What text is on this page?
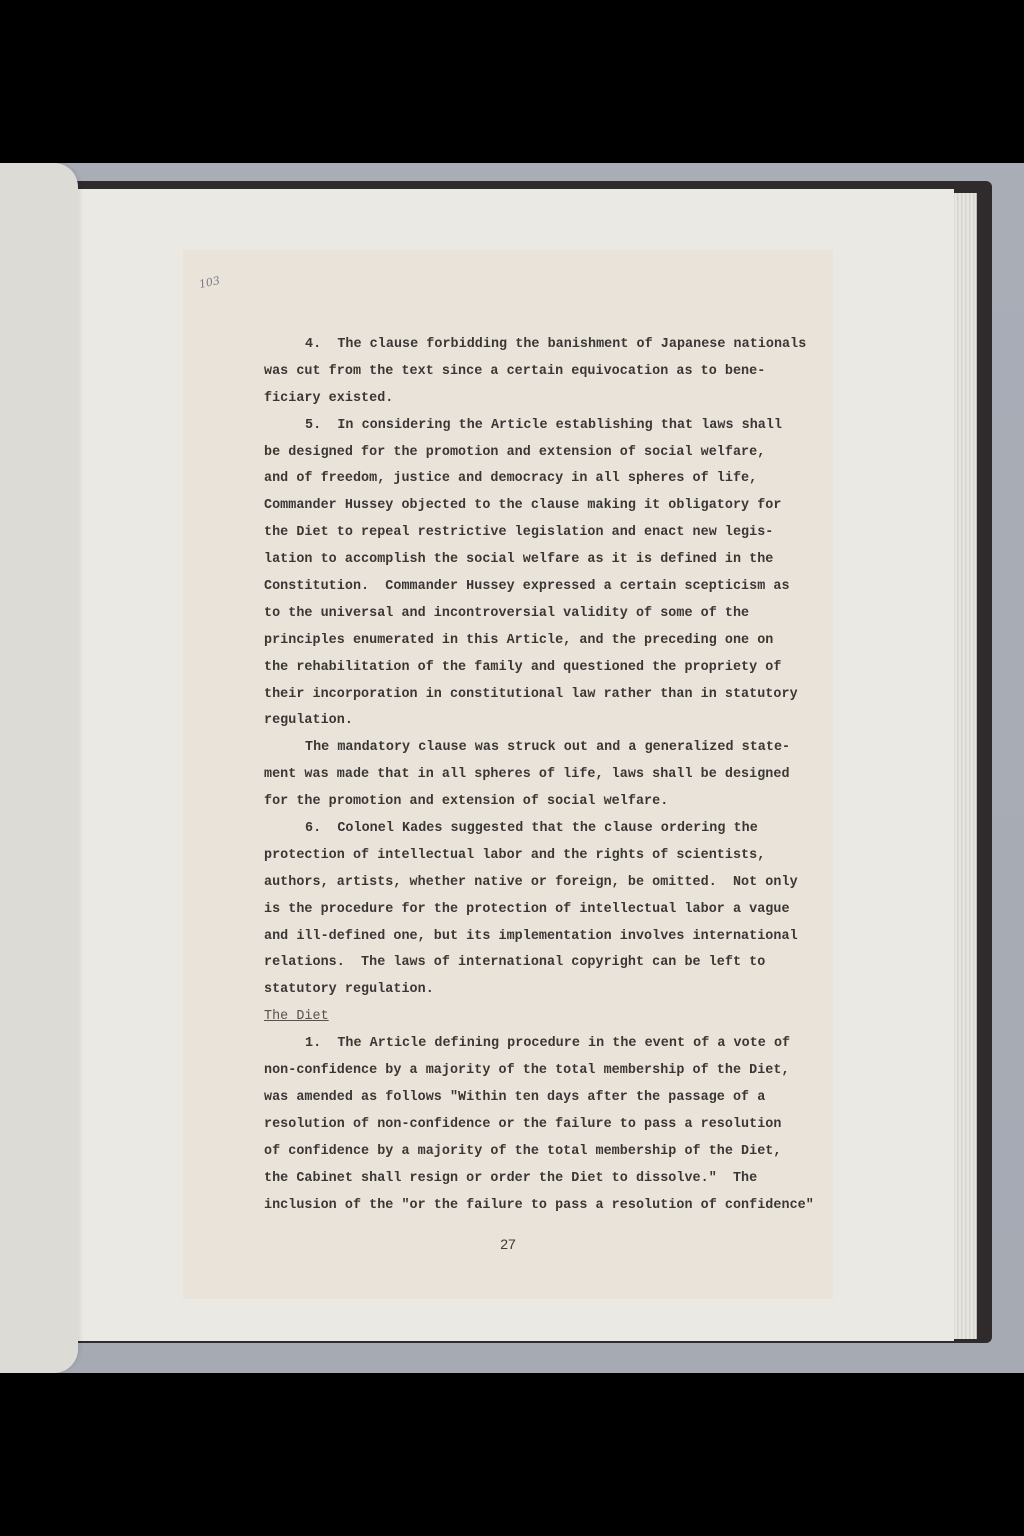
103
4.  The clause forbidding the banishment of Japanese nationals
was cut from the text since a certain equivocation as to bene-
ficiary existed.
5.  In considering the Article establishing that laws shall
be designed for the promotion and extension of social welfare,
and of freedom, justice and democracy in all spheres of life,
Commander Hussey objected to the clause making it obligatory for
the Diet to repeal restrictive legislation and enact new legis-
lation to accomplish the social welfare as it is defined in the
Constitution.  Commander Hussey expressed a certain scepticism as
to the universal and incontroversial validity of some of the
principles enumerated in this Article, and the preceding one on
the rehabilitation of the family and questioned the propriety of
their incorporation in constitutional law rather than in statutory
regulation.
The mandatory clause was struck out and a generalized state-
ment was made that in all spheres of life, laws shall be designed
for the promotion and extension of social welfare.
6.  Colonel Kades suggested that the clause ordering the
protection of intellectual labor and the rights of scientists,
authors, artists, whether native or foreign, be omitted.  Not only
is the procedure for the protection of intellectual labor a vague
and ill-defined one, but its implementation involves international
relations.  The laws of international copyright can be left to
statutory regulation.
The Diet
1.  The Article defining procedure in the event of a vote of
non-confidence by a majority of the total membership of the Diet,
was amended as follows "Within ten days after the passage of a
resolution of non-confidence or the failure to pass a resolution
of confidence by a majority of the total membership of the Diet,
the Cabinet shall resign or order the Diet to dissolve."  The
inclusion of the "or the failure to pass a resolution of confidence"
27
